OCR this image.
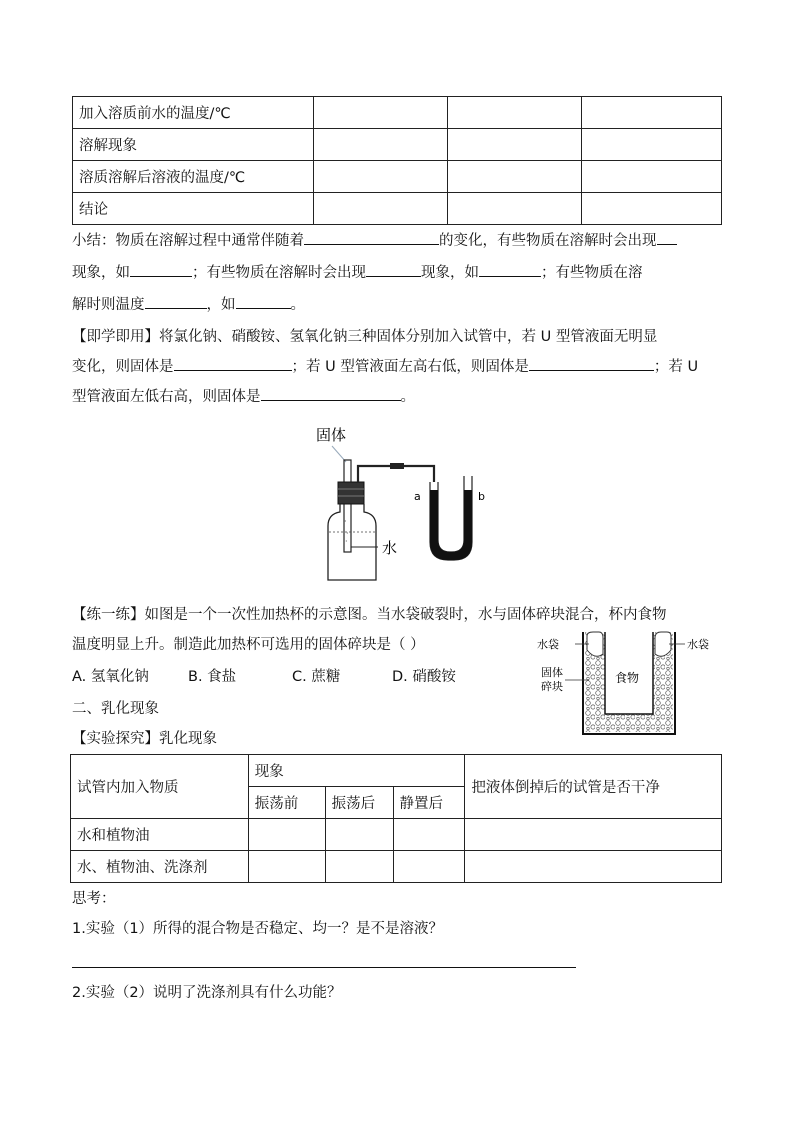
加入溶质前水的温度/℃			
溶解现象			
溶质溶解后溶液的温度/℃			
结论			
小结：物质在溶解过程中通常伴随着	的变化，有些物质在溶解时会出现
现象，如	；有些物质在溶解时会出现	现象，如	；有些物质在溶
解时则温度	，如	。
【即学即用】将氯化钠、硝酸铵、氢氧化钠三种固体分别加入试管中，若 U 型管液面无明显
变化，则固体是	；若 U 型管液面左高右低，则固体是	；若 U
型管液面左低右高，则固体是	。
固体
·
·
· 水
a	b
【练一练】如图是一个一次性加热杯的示意图。当水袋破裂时，水与固体碎块混合，杯内食物
温度明显上升。制造此加热杯可选用的固体碎块是（ ）
A. 氢氧化钠	B. 食盐	C. 蔗糖	D. 硝酸铵
水袋	水袋
固体
碎块
食物
二、乳化现象
【实验探究】乳化现象
试管内加入物质	现象			把液体倒掉后的试管是否干净
	振荡前	振荡后	静置后	
水和植物油				
水、植物油、洗涤剂				
思考：
1.实验（1）所得的混合物是否稳定、均一？是不是溶液？
2.实验（2）说明了洗涤剂具有什么功能？
